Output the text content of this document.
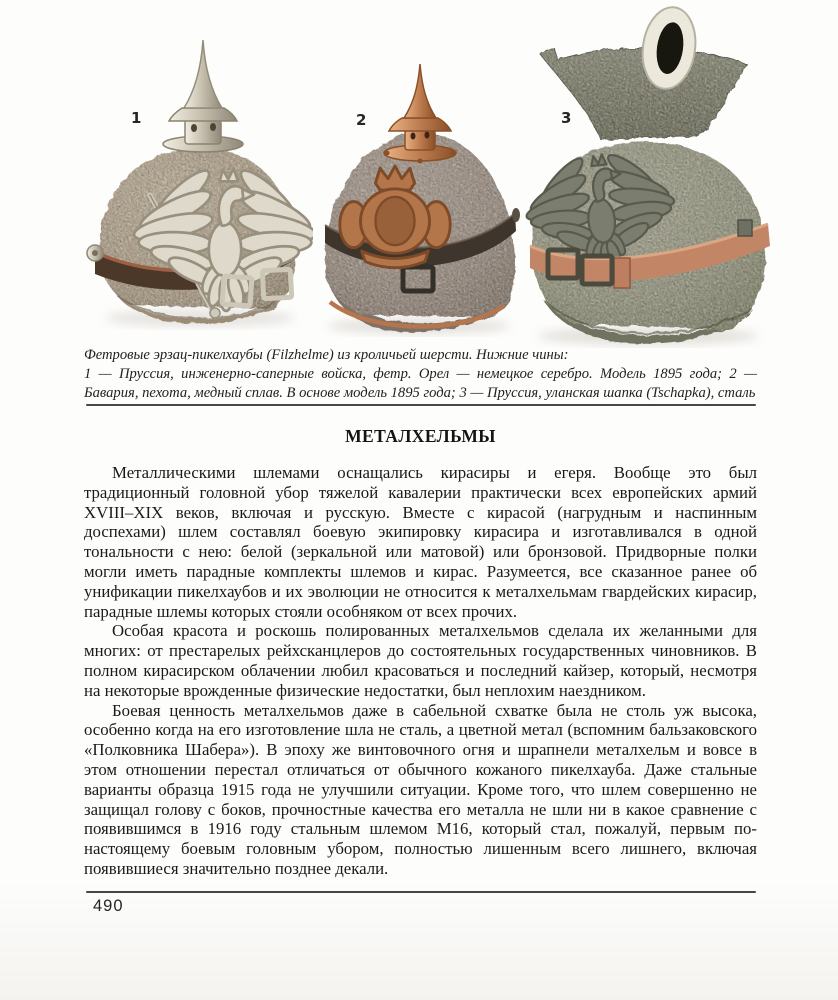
1	2	3
Фетровые эрзац-пикелхаубы (Filzhelme) из кроличьей шерсти. Нижние чины:
1 — Пруссия, инженерно-саперные войска, фетр. Орел — немецкое серебро. Модель 1895 года; 2 — Бавария, пехота, медный сплав. В основе модель 1895 года; 3 — Пруссия, уланская шапка (Tschapka), сталь
МЕТАЛХЕЛЬМЫ

Металлическими шлемами оснащались кирасиры и егеря. Вообще это был традиционный головной убор тяжелой кавалерии практически всех европейских армий XVIII–XIX веков, включая и русскую. Вместе с кирасой (нагрудным и наспинным доспехами) шлем составлял боевую экипировку кирасира и изготавливался в одной тональности с нею: белой (зеркальной или матовой) или бронзовой. Придворные полки могли иметь парадные комплекты шлемов и кирас. Разумеется, все сказанное ранее об унификации пикелхаубов и их эволюции не относится к металхельмам гвардейских кирасир, парадные шлемы которых стояли особняком от всех прочих.

Особая красота и роскошь полированных металхельмов сделала их желанными для многих: от престарелых рейхсканцлеров до состоятельных государственных чиновников. В полном кирасирском облачении любил красоваться и последний кайзер, который, несмотря на некоторые врожденные физические недостатки, был неплохим наездником.

Боевая ценность металхельмов даже в сабельной схватке была не столь уж высока, особенно когда на его изготовление шла не сталь, а цветной метал (вспомним бальзаковского «Полковника Шабера»). В эпоху же винтовочного огня и шрапнели металхельм и вовсе в этом отношении перестал отличаться от обычного кожаного пикелхауба. Даже стальные варианты образца 1915 года не улучшили ситуации. Кроме того, что шлем совершенно не защищал голову с боков, прочностные качества его металла не шли ни в какое сравнение с появившимся в 1916 году стальным шлемом М16, который стал, пожалуй, первым по-настоящему боевым головным убором, полностью лишенным всего лишнего, включая появившиеся значительно позднее декали.

490
